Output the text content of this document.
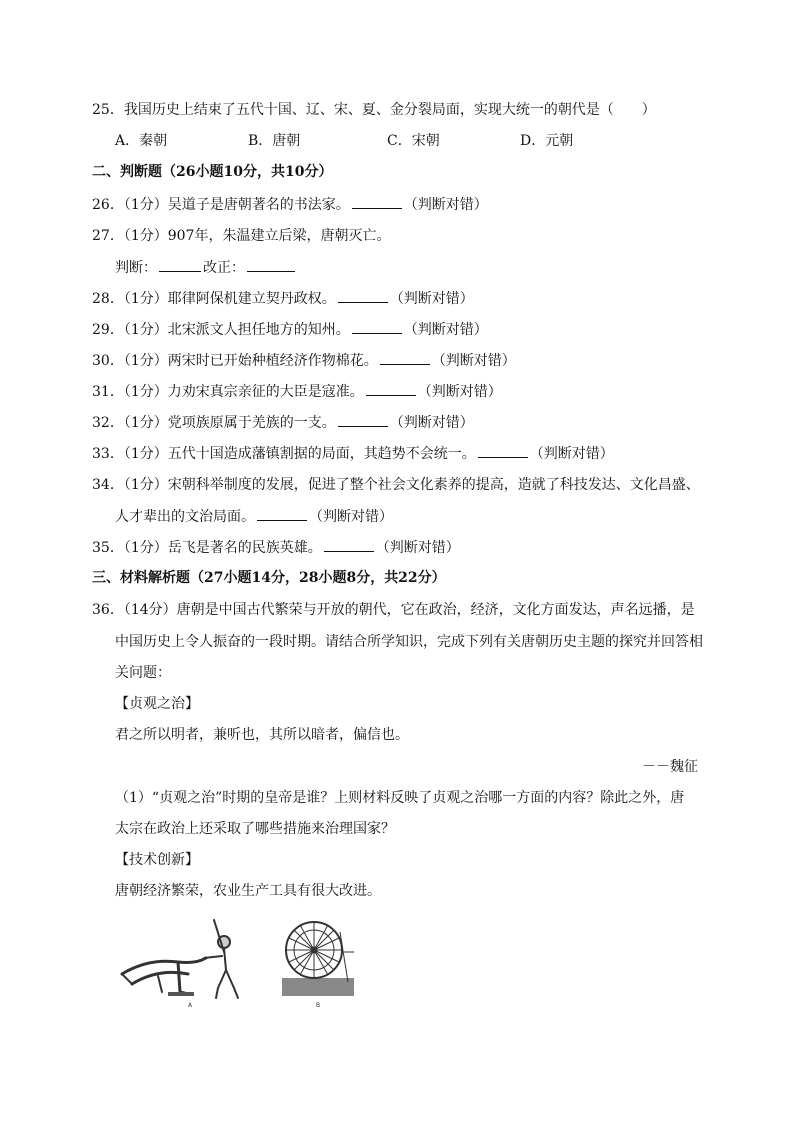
25．我国历史上结束了五代十国、辽、宋、夏、金分裂局面，实现大统一的朝代是（　　）
A．秦朝	B．唐朝	C．宋朝	D．元朝
二、判断题（26小题10分，共10分）
26．（1分）吴道子是唐朝著名的书法家。	（判断对错）
27．（1分）907年，朱温建立后梁，唐朝灭亡。
判断：	改正：
28．（1分）耶律阿保机建立契丹政权。	（判断对错）
29．（1分）北宋派文人担任地方的知州。	（判断对错）
30．（1分）两宋时已开始种植经济作物棉花。	（判断对错）
31．（1分）力劝宋真宗亲征的大臣是寇准。	（判断对错）
32．（1分）党项族原属于羌族的一支。	（判断对错）
33．（1分）五代十国造成藩镇割据的局面，其趋势不会统一。	（判断对错）
34．（1分）宋朝科举制度的发展，促进了整个社会文化素养的提高，造就了科技发达、文化昌盛、
人才辈出的文治局面。	（判断对错）
35．（1分）岳飞是著名的民族英雄。	（判断对错）
三、材料解析题（27小题14分，28小题8分，共22分）
36．（14分）唐朝是中国古代繁荣与开放的朝代，它在政治，经济，文化方面发达，声名远播，是
中国历史上令人振奋的一段时期。请结合所学知识，完成下列有关唐朝历史主题的探究并回答相
关问题：
【贞观之治】
君之所以明者，兼听也，其所以暗者，偏信也。
－－魏征
（1）“贞观之治”时期的皇帝是谁？上则材料反映了贞观之治哪一方面的内容？除此之外，唐
太宗在政治上还采取了哪些措施来治理国家？
【技术创新】
唐朝经济繁荣，农业生产工具有很大改进。
A	B
